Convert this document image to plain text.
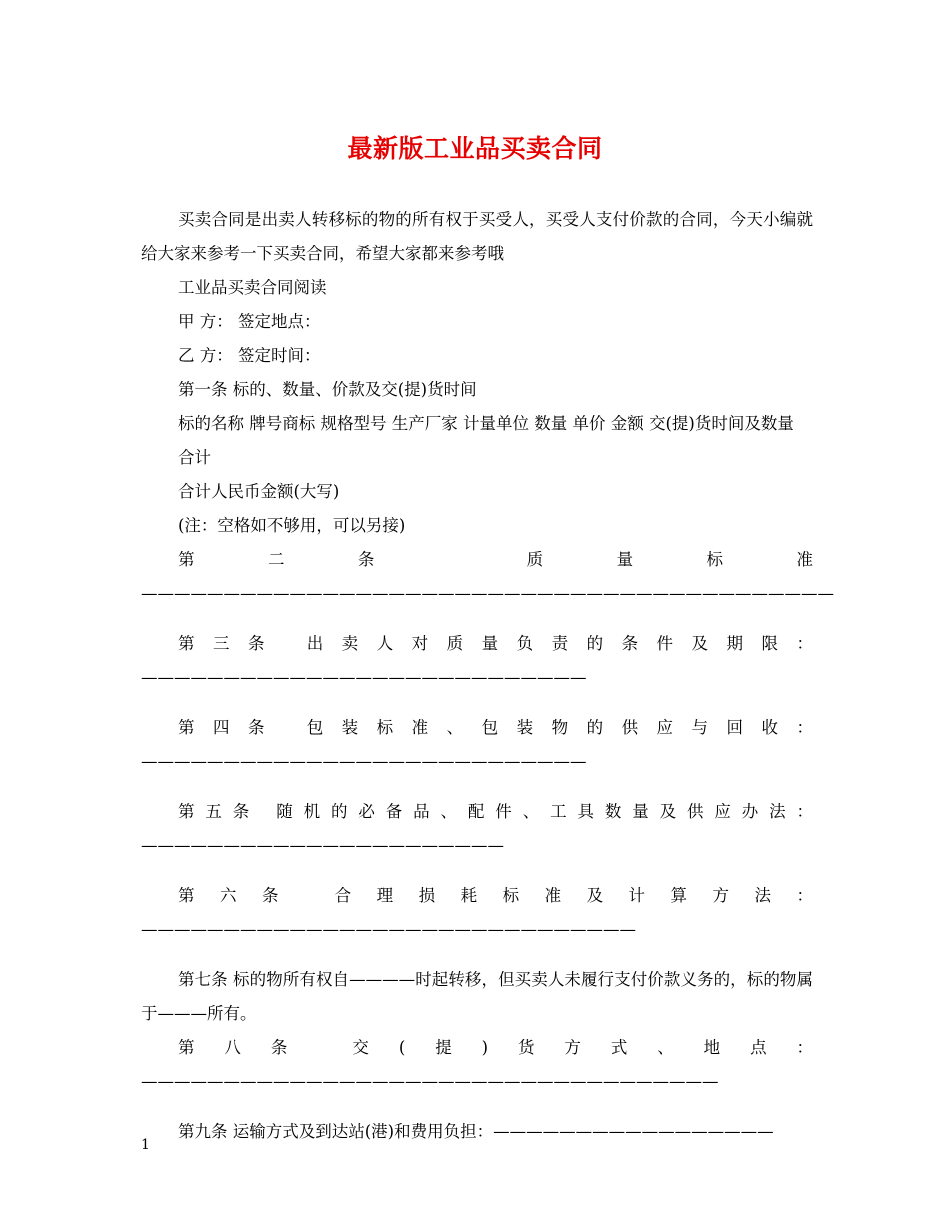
最新版工业品买卖合同

买卖合同是出卖人转移标的物的所有权于买受人，买受人支付价款的合同，今天小编就给大家来参考一下买卖合同，希望大家都来参考哦

工业品买卖合同阅读

甲 方： 签定地点：

乙 方： 签定时间：

第一条 标的、数量、价款及交(提)货时间

标的名称 牌号商标 规格型号 生产厂家 计量单位 数量 单价 金额 交(提)货时间及数量

合计

合计人民币金额(大写)

(注：空格如不够用，可以另接)

第二条 质量标准——————————————————————————————————————————

第三条 出卖人对质量负责的条件及期限：———————————————————————————

第四条 包装标准、包装物的供应与回收：———————————————————————————

第五条 随机的必备品、配件、工具数量及供应办法：——————————————————————

第六条 合理损耗标准及计算方法：——————————————————————————————

第七条 标的物所有权自————时起转移，但买卖人未履行支付价款义务的，标的物属于———所有。

第八条 交(提)货方式、地点：———————————————————————————————————

第九条 运输方式及到达站(港)和费用负担：—————————————————

1
